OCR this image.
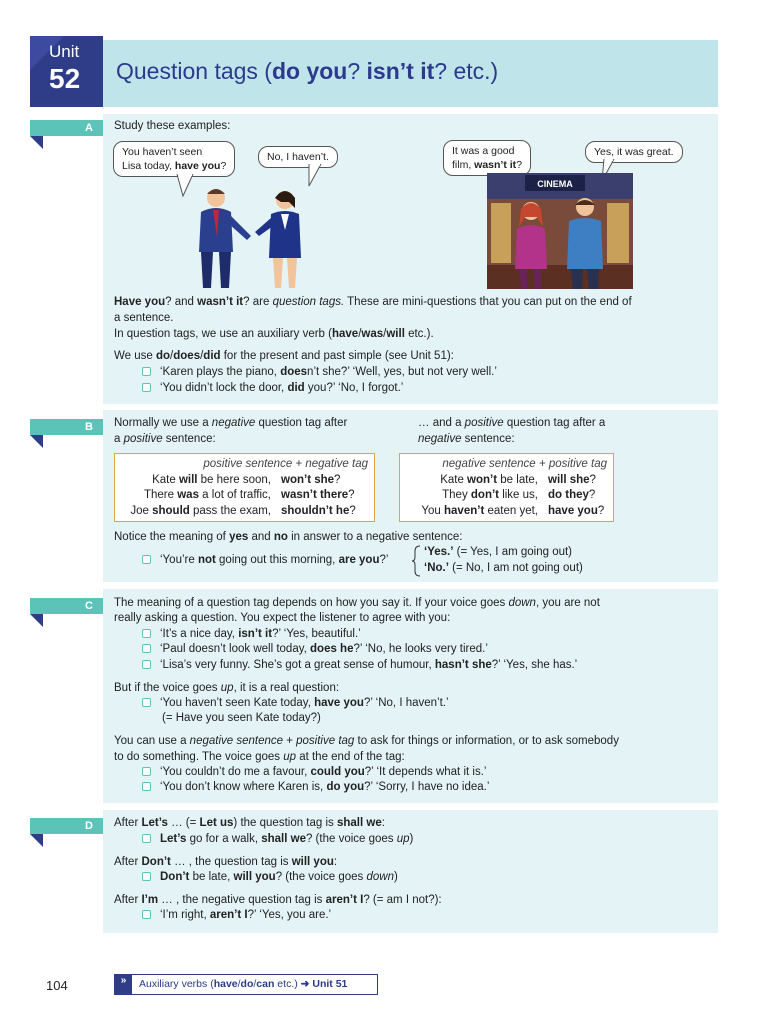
Unit
52 Question tags (do you? isn’t it? etc.)
A	Study these examples:
You haven’t seen
Lisa today, have you?
No, I haven’t.	It was a good
film, wasn’t it?
Yes, it was great.
CINEMA
Have you? and wasn’t it? are question tags. These are mini-questions that you can put on the end of
a sentence.
In question tags, we use an auxiliary verb (have/was/will etc.).
We use do/does/did for the present and past simple (see Unit 51):
‘Karen plays the piano, doesn’t she?’ ‘Well, yes, but not very well.’
‘You didn’t lock the door, did you?’ ‘No, I forgot.’
B	Normally we use a negative question tag after
a positive sentence:
… and a positive question tag after a
negative sentence:
positive sentence + negative tag
Kate will be here soon, won’t she?
There was a lot of traffic, wasn’t there?
Joe should pass the exam, shouldn’t he?
negative sentence + positive tag
Kate won’t be late, will she?
They don’t like us, do they?
You haven’t eaten yet, have you?
Notice the meaning of yes and no in answer to a negative sentence:
‘You’re not going out this morning, are you?’
‘Yes.’ (= Yes, I am going out)
‘No.’ (= No, I am not going out)
C	The meaning of a question tag depends on how you say it. If your voice goes down, you are not
really asking a question. You expect the listener to agree with you:
‘It’s a nice day, isn’t it?’ ‘Yes, beautiful.’
‘Paul doesn’t look well today, does he?’ ‘No, he looks very tired.’
‘Lisa’s very funny. She’s got a great sense of humour, hasn’t she?’ ‘Yes, she has.’
But if the voice goes up, it is a real question:
‘You haven’t seen Kate today, have you?’ ‘No, I haven’t.’
(= Have you seen Kate today?)
You can use a negative sentence + positive tag to ask for things or information, or to ask somebody
to do something. The voice goes up at the end of the tag:
‘You couldn’t do me a favour, could you?’ ‘It depends what it is.’
‘You don’t know where Karen is, do you?’ ‘Sorry, I have no idea.’
D	After Let’s … (= Let us) the question tag is shall we:
Let’s go for a walk, shall we? (the voice goes up)
After Don’t … , the question tag is will you:
Don’t be late, will you? (the voice goes down)
After I’m … , the negative question tag is aren’t I? (= am I not?):
‘I’m right, aren’t I?’ ‘Yes, you are.’
104	»	Auxiliary verbs (have/do/can etc.) ➜ Unit 51
